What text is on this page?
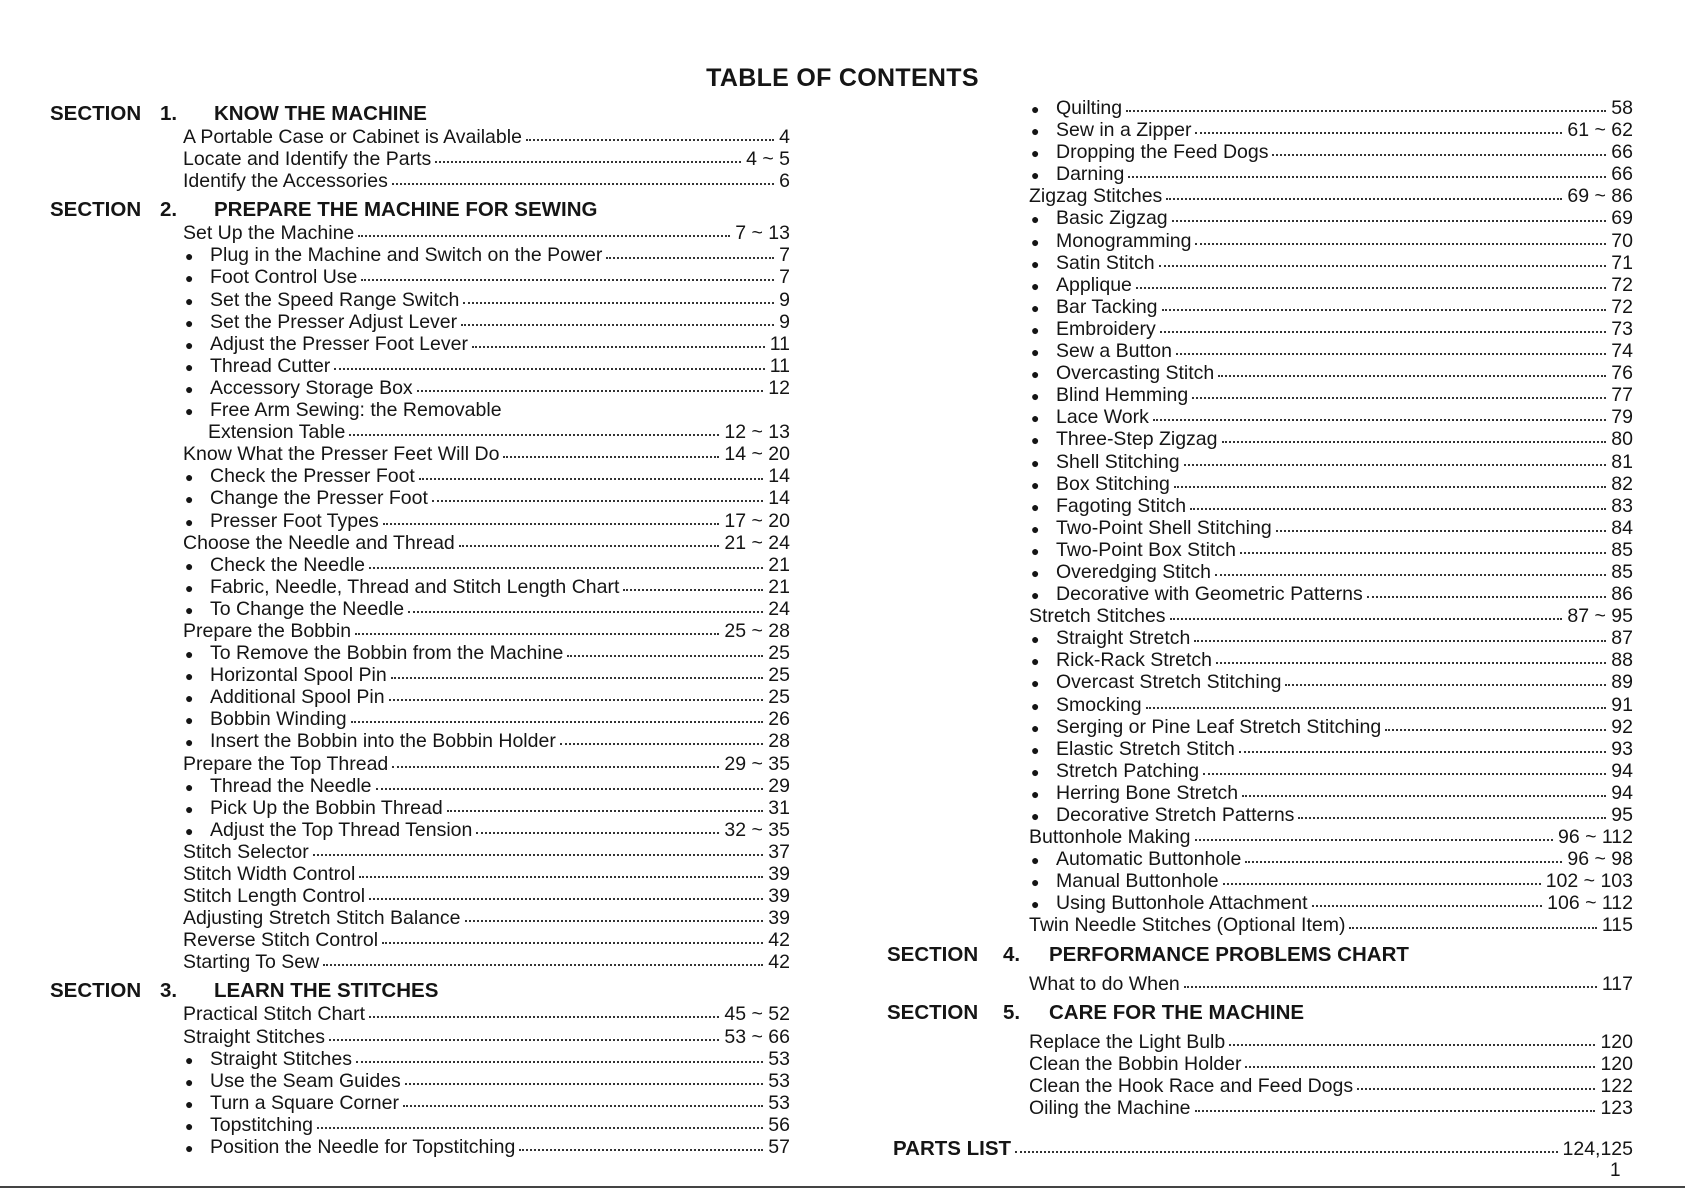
TABLE OF CONTENTS
SECTION 1.	KNOW THE MACHINE
A Portable Case or Cabinet is Available	4
Locate and Identify the Parts	4 ~ 5
Identify the Accessories	6
SECTION 2.	PREPARE THE MACHINE FOR SEWING
Set Up the Machine	7 ~ 13
● Plug in the Machine and Switch on the Power	7
● Foot Control Use	7
● Set the Speed Range Switch	9
● Set the Presser Adjust Lever	9
● Adjust the Presser Foot Lever	11
● Thread Cutter	11
● Accessory Storage Box	12
● Free Arm Sewing: the Removable
Extension Table	12 ~ 13
Know What the Presser Feet Will Do	14 ~ 20
● Check the Presser Foot	14
● Change the Presser Foot	14
● Presser Foot Types	17 ~ 20
Choose the Needle and Thread	21 ~ 24
● Check the Needle	21
● Fabric, Needle, Thread and Stitch Length Chart	21
● To Change the Needle	24
Prepare the Bobbin	25 ~ 28
● To Remove the Bobbin from the Machine	25
● Horizontal Spool Pin	25
● Additional Spool Pin	25
● Bobbin Winding	26
● Insert the Bobbin into the Bobbin Holder	28
Prepare the Top Thread	29 ~ 35
● Thread the Needle	29
● Pick Up the Bobbin Thread	31
● Adjust the Top Thread Tension	32 ~ 35
Stitch Selector	37
Stitch Width Control	39
Stitch Length Control	39
Adjusting Stretch Stitch Balance	39
Reverse Stitch Control	42
Starting To Sew	42
SECTION 3.	LEARN THE STITCHES
Practical Stitch Chart	45 ~ 52
Straight Stitches	53 ~ 66
● Straight Stitches	53
● Use the Seam Guides	53
● Turn a Square Corner	53
● Topstitching	56
● Position the Needle for Topstitching	57
● Quilting	58
● Sew in a Zipper	61 ~ 62
● Dropping the Feed Dogs	66
● Darning	66
Zigzag Stitches	69 ~ 86
● Basic Zigzag	69
● Monogramming	70
● Satin Stitch	71
● Applique	72
● Bar Tacking	72
● Embroidery	73
● Sew a Button	74
● Overcasting Stitch	76
● Blind Hemming	77
● Lace Work	79
● Three-Step Zigzag	80
● Shell Stitching	81
● Box Stitching	82
● Fagoting Stitch	83
● Two-Point Shell Stitching	84
● Two-Point Box Stitch	85
● Overedging Stitch	85
● Decorative with Geometric Patterns	86
Stretch Stitches	87 ~ 95
● Straight Stretch	87
● Rick-Rack Stretch	88
● Overcast Stretch Stitching	89
● Smocking	91
● Serging or Pine Leaf Stretch Stitching	92
● Elastic Stretch Stitch	93
● Stretch Patching	94
● Herring Bone Stretch	94
● Decorative Stretch Patterns	95
Buttonhole Making	96 ~ 112
● Automatic Buttonhole	96 ~ 98
● Manual Buttonhole	102 ~ 103
● Using Buttonhole Attachment	106 ~ 112
Twin Needle Stitches (Optional Item)	115
SECTION	4.	PERFORMANCE PROBLEMS CHART
What to do When	117
SECTION	5.	CARE FOR THE MACHINE
Replace the Light Bulb	120
Clean the Bobbin Holder	120
Clean the Hook Race and Feed Dogs	122
Oiling the Machine	123
PARTS LIST	124,125
1
